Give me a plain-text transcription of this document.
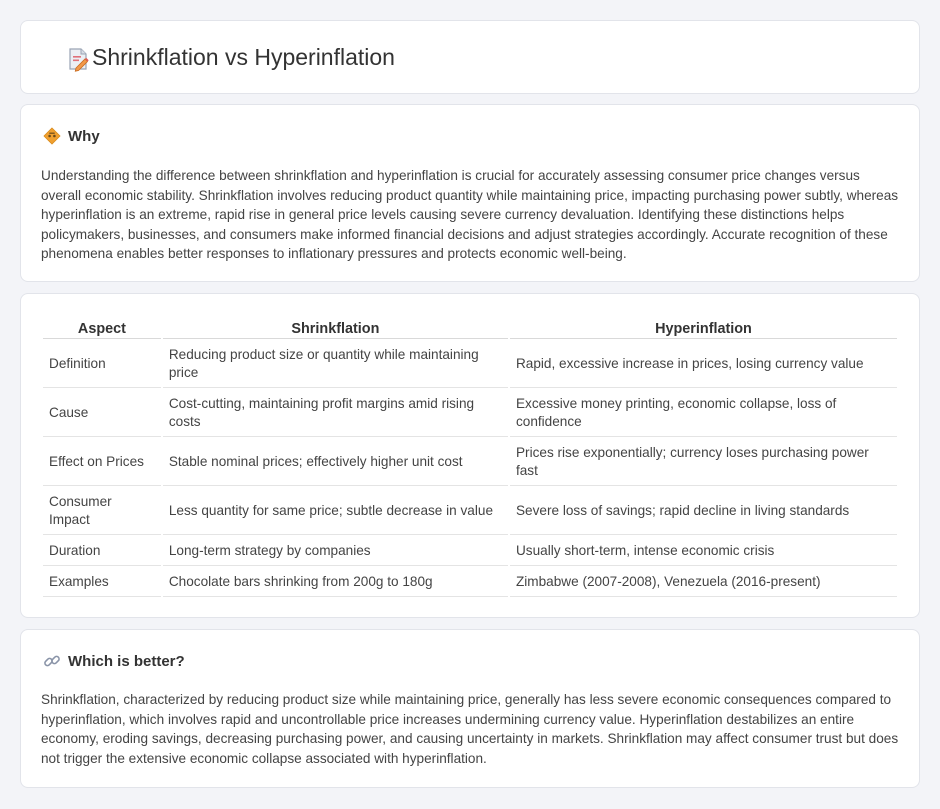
Shrinkflation vs Hyperinflation
Why

Understanding the difference between shrinkflation and hyperinflation is crucial for accurately assessing consumer price changes versus overall economic stability. Shrinkflation involves reducing product quantity while maintaining price, impacting purchasing power subtly, whereas hyperinflation is an extreme, rapid rise in general price levels causing severe currency devaluation. Identifying these distinctions helps policymakers, businesses, and consumers make informed financial decisions and adjust strategies accordingly. Accurate recognition of these phenomena enables better responses to inflationary pressures and protects economic well-being.

Aspect	Shrinkflation	Hyperinflation
Definition	Reducing product size or quantity while maintaining price	Rapid, excessive increase in prices, losing currency value
Cause	Cost-cutting, maintaining profit margins amid rising costs	Excessive money printing, economic collapse, loss of confidence
Effect on Prices	Stable nominal prices; effectively higher unit cost	Prices rise exponentially; currency loses purchasing power fast
Consumer Impact	Less quantity for same price; subtle decrease in value	Severe loss of savings; rapid decline in living standards
Duration	Long-term strategy by companies	Usually short-term, intense economic crisis
Examples	Chocolate bars shrinking from 200g to 180g	Zimbabwe (2007-2008), Venezuela (2016-present)
Which is better?

Shrinkflation, characterized by reducing product size while maintaining price, generally has less severe economic consequences compared to hyperinflation, which involves rapid and uncontrollable price increases undermining currency value. Hyperinflation destabilizes an entire economy, eroding savings, decreasing purchasing power, and causing uncertainty in markets. Shrinkflation may affect consumer trust but does not trigger the extensive economic collapse associated with hyperinflation.
